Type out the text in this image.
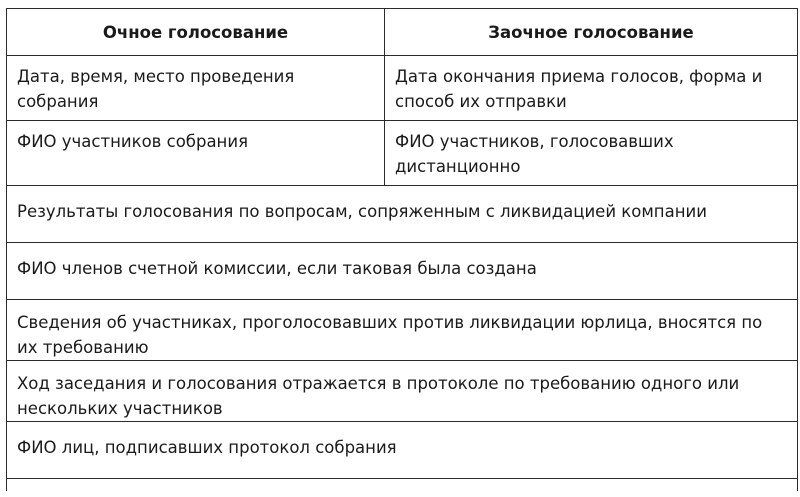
Очное голосование	Заочное голосование
Дата, время, место проведения собрания	Дата окончания приема голосов, форма и способ их отправки
ФИО участников собрания	ФИО участников, голосовавших дистанционно
Результаты голосования по вопросам, сопряженным с ликвидацией компании	
ФИО членов счетной комиссии, если таковая была создана	
Сведения об участниках, проголосовавших против ликвидации юрлица, вносятся по их требованию	
Ход заседания и голосования отражается в протоколе по требованию одного или нескольких участников	
ФИО лиц, подписавших протокол собрания	
